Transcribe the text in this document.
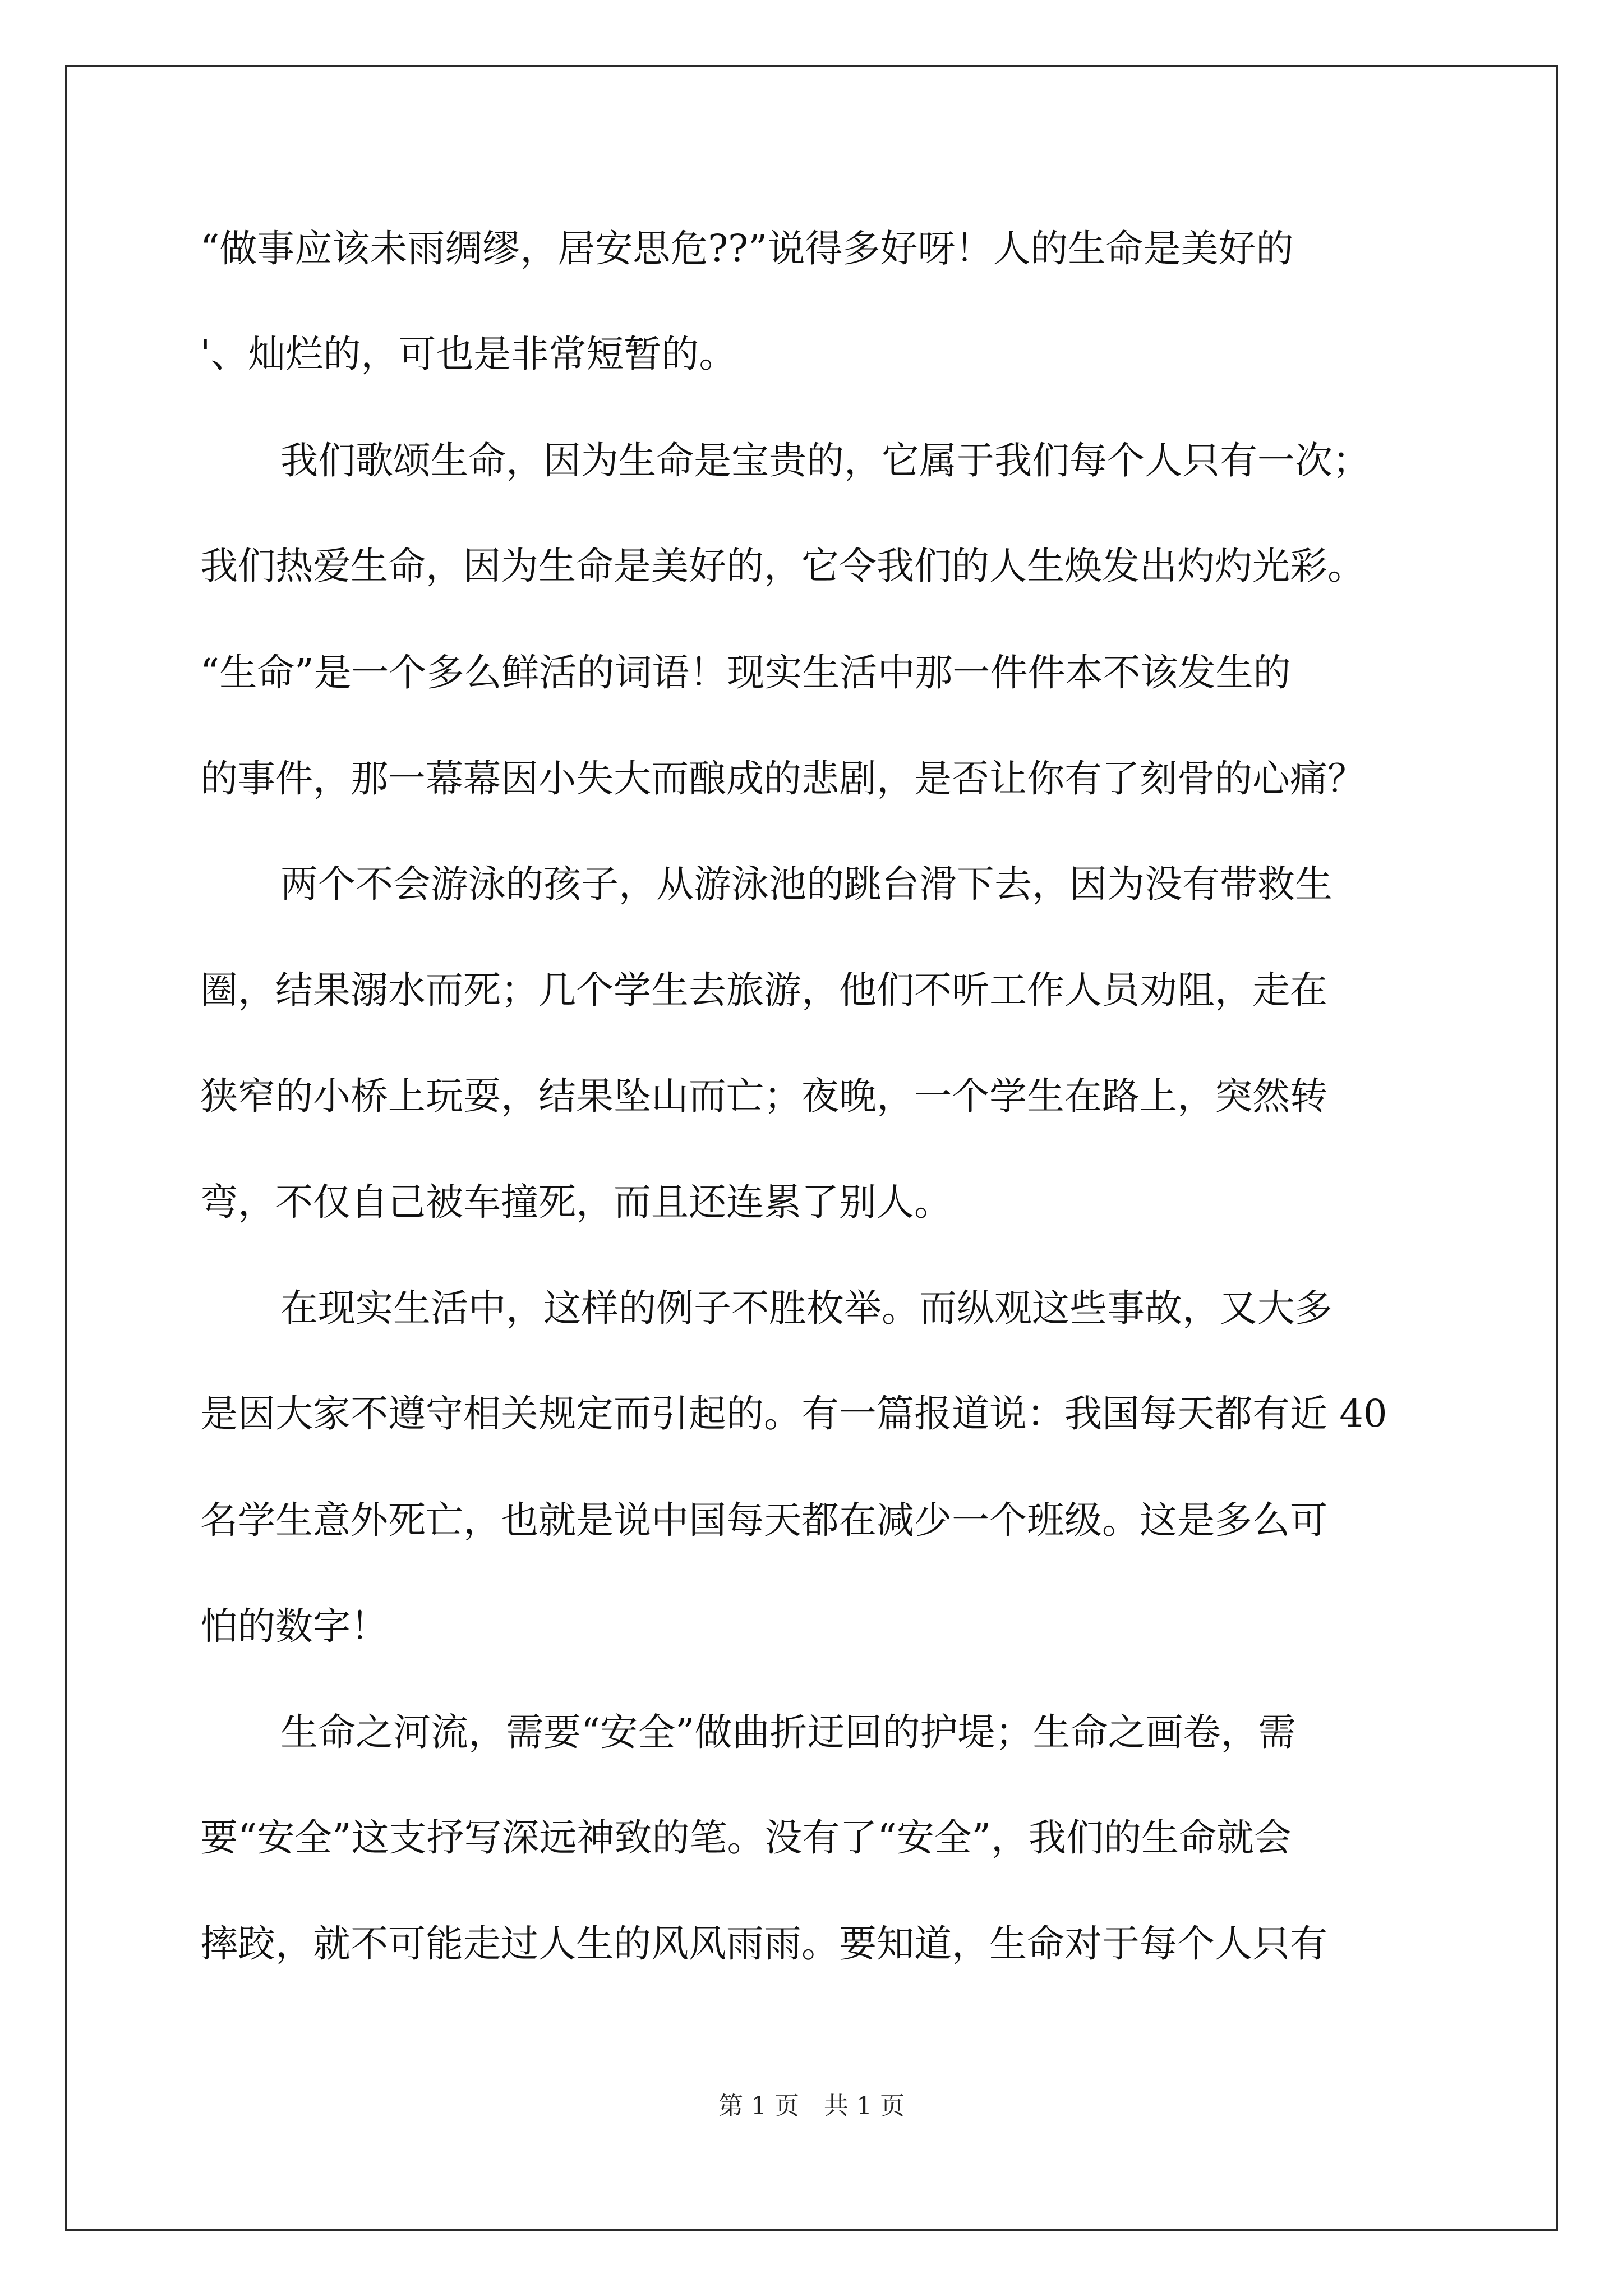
“做事应该未雨绸缪，居安思危??”说得多好呀！人的生命是美好的
'、灿烂的，可也是非常短暂的。
我们歌颂生命，因为生命是宝贵的，它属于我们每个人只有一次；
我们热爱生命，因为生命是美好的，它令我们的人生焕发出灼灼光彩。
“生命”是一个多么鲜活的词语！现实生活中那一件件本不该发生的
的事件，那一幕幕因小失大而酿成的悲剧，是否让你有了刻骨的心痛？
两个不会游泳的孩子，从游泳池的跳台滑下去，因为没有带救生
圈，结果溺水而死；几个学生去旅游，他们不听工作人员劝阻，走在
狭窄的小桥上玩耍，结果坠山而亡；夜晚，一个学生在路上，突然转
弯，不仅自己被车撞死，而且还连累了别人。
在现实生活中，这样的例子不胜枚举。而纵观这些事故，又大多
是因大家不遵守相关规定而引起的。有一篇报道说：我国每天都有近 40
名学生意外死亡，也就是说中国每天都在减少一个班级。这是多么可
怕的数字！
生命之河流，需要“安全”做曲折迂回的护堤；生命之画卷，需
要“安全”这支抒写深远神致的笔。没有了“安全”，我们的生命就会
摔跤，就不可能走过人生的风风雨雨。要知道，生命对于每个人只有
第 1 页　共 1 页
